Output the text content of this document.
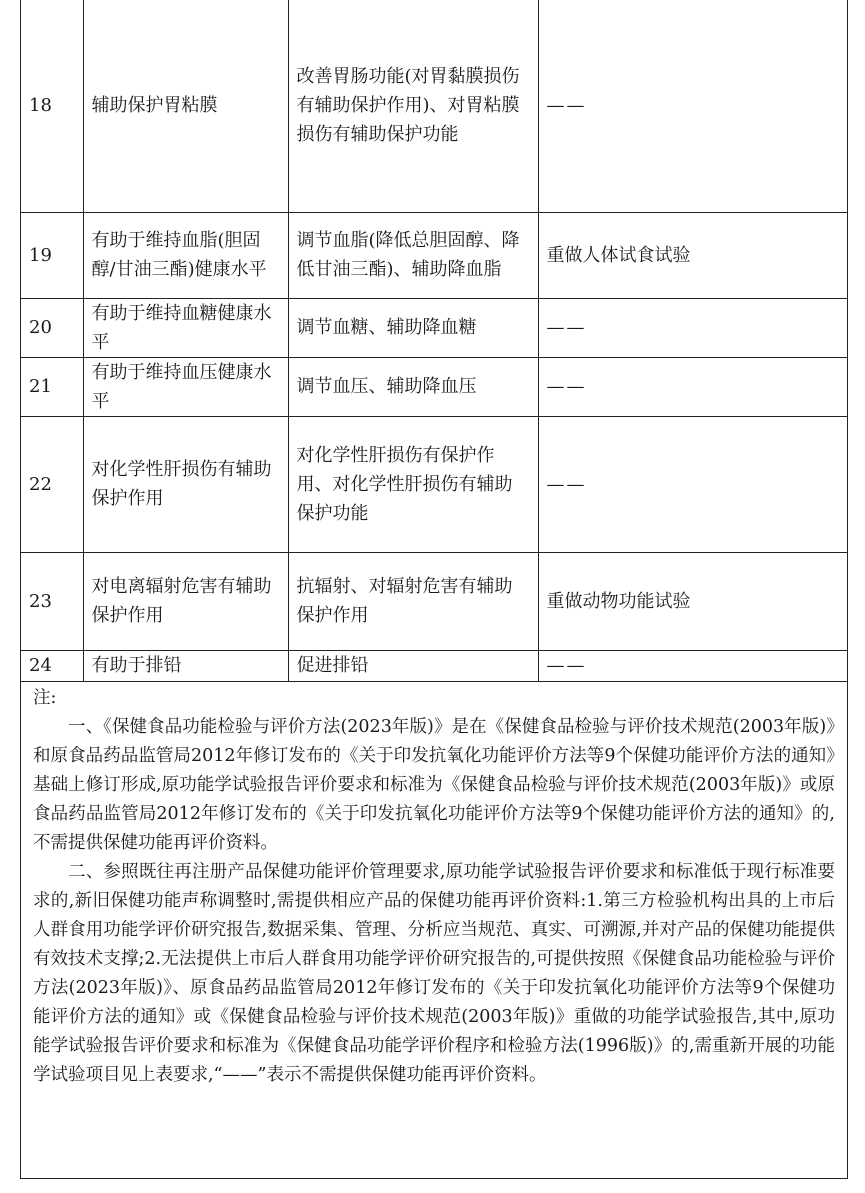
18	辅助保护胃粘膜	改善胃肠功能(对胃黏膜损伤有辅助保护作用)、对胃粘膜损伤有辅助保护功能	——
19	有助于维持血脂(胆固醇/甘油三酯)健康水平	调节血脂(降低总胆固醇、降低甘油三酯)、辅助降血脂	重做人体试食试验
20	有助于维持血糖健康水平	调节血糖、辅助降血糖	——
21	有助于维持血压健康水平	调节血压、辅助降血压	——
22	对化学性肝损伤有辅助保护作用	对化学性肝损伤有保护作用、对化学性肝损伤有辅助保护功能	——
23	对电离辐射危害有辅助保护作用	抗辐射、对辐射危害有辅助保护作用	重做动物功能试验
24	有助于排铅	促进排铅	——

注:

一、《保健食品功能检验与评价方法(2023年版)》是在《保健食品检验与评价技术规范(2003年版)》和原食品药品监管局2012年修订发布的《关于印发抗氧化功能评价方法等9个保健功能评价方法的通知》基础上修订形成,原功能学试验报告评价要求和标准为《保健食品检验与评价技术规范(2003年版)》或原食品药品监管局2012年修订发布的《关于印发抗氧化功能评价方法等9个保健功能评价方法的通知》的,不需提供保健功能再评价资料。

二、参照既往再注册产品保健功能评价管理要求,原功能学试验报告评价要求和标准低于现行标准要求的,新旧保健功能声称调整时,需提供相应产品的保健功能再评价资料:1.第三方检验机构出具的上市后人群食用功能学评价研究报告,数据采集、管理、分析应当规范、真实、可溯源,并对产品的保健功能提供有效技术支撑;2.无法提供上市后人群食用功能学评价研究报告的,可提供按照《保健食品功能检验与评价方法(2023年版)》、原食品药品监管局2012年修订发布的《关于印发抗氧化功能评价方法等9个保健功能评价方法的通知》或《保健食品检验与评价技术规范(2003年版)》重做的功能学试验报告,其中,原功能学试验报告评价要求和标准为《保健食品功能学评价程序和检验方法(1996版)》的,需重新开展的功能学试验项目见上表要求,“——”表示不需提供保健功能再评价资料。
